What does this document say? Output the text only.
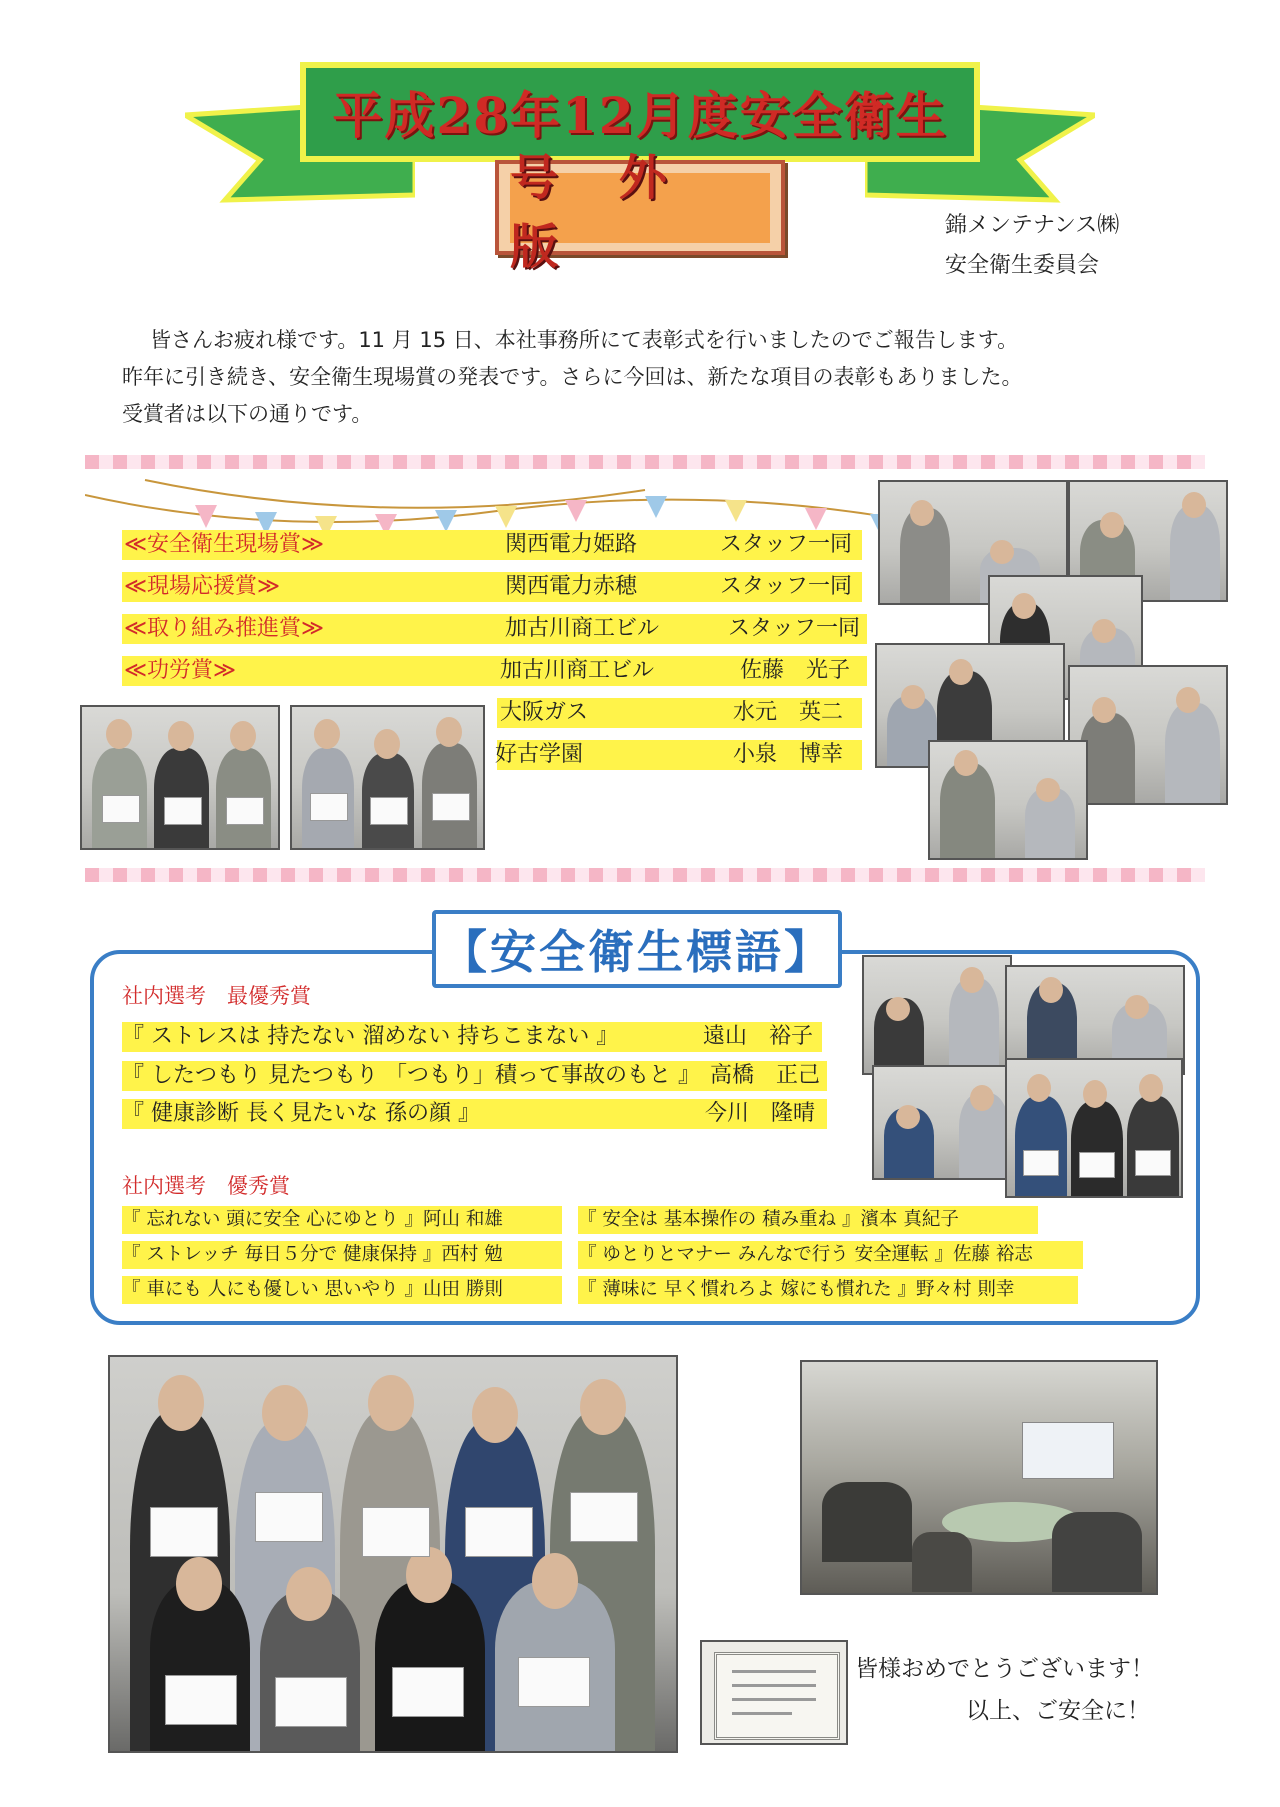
平成28年12月度安全衛生
号 外 版	錦メンテナンス㈱
安全衛生委員会
皆さんお疲れ様です。11 月 15 日、本社事務所にて表彰式を行いましたのでご報告します。
昨年に引き続き、安全衛生現場賞の発表です。さらに今回は、新たな項目の表彰もありました。
受賞者は以下の通りです。
≪安全衛生現場賞≫	関西電力姫路	スタッフ一同
≪現場応援賞≫	関西電力赤穂	スタッフ一同
≪取り組み推進賞≫	加古川商工ビル	スタッフ一同
≪功労賞≫	加古川商工ビル	佐藤　光子
大阪ガス	水元　英二
好古学園	小泉　博幸
【安全衛生標語】
社内選考　最優秀賞
『 ストレスは 持たない 溜めない 持ちこまない 』	遠山　裕子
『 したつもり 見たつもり 「つもり」積って事故のもと 』 高橋　正己
『 健康診断 長く見たいな 孫の顔 』	今川　隆晴
社内選考　優秀賞
『 忘れない 頭に安全 心にゆとり 』阿山 和雄
『 ストレッチ 毎日５分で 健康保持 』西村 勉
『 車にも 人にも優しい 思いやり 』山田 勝則
『 安全は 基本操作の 積み重ね 』濱本 真紀子
『 ゆとりとマナー みんなで行う 安全運転 』佐藤 裕志
『 薄味に 早く慣れろよ 嫁にも慣れた 』野々村 則幸
皆様おめでとうございます！
以上、ご安全に！
